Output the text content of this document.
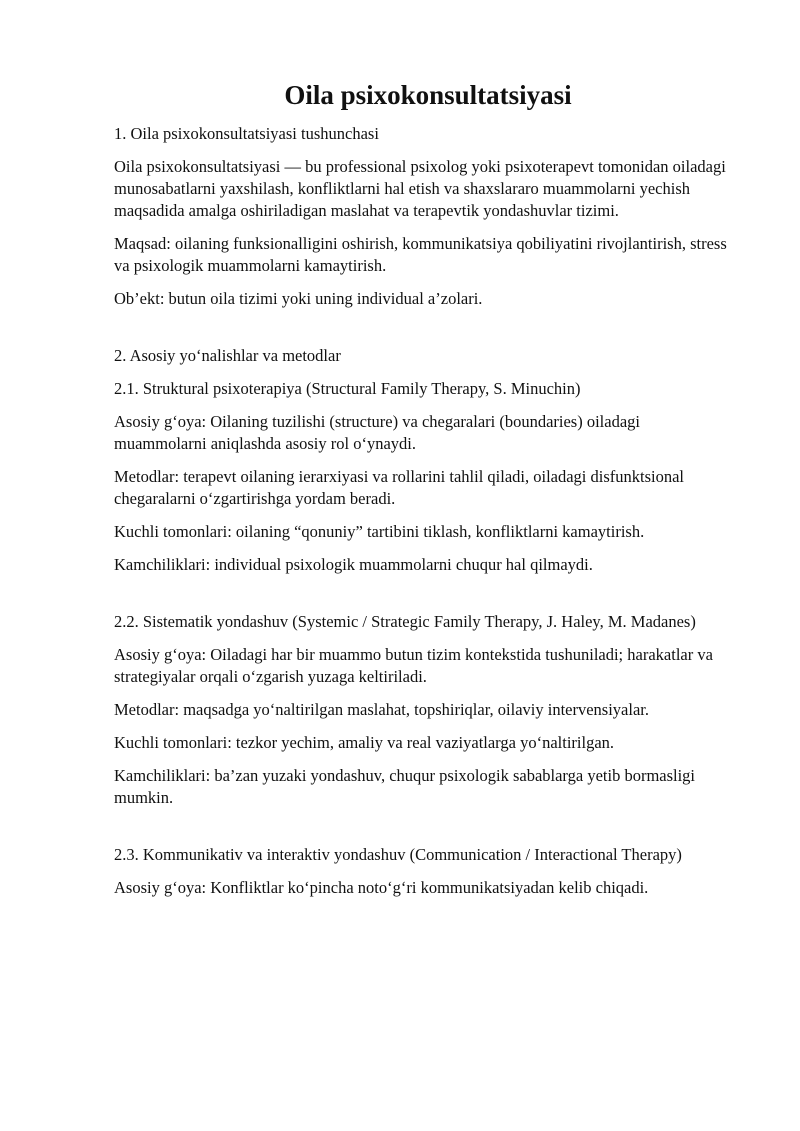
Oila psixokonsultatsiyasi

1. Oila psixokonsultatsiyasi tushunchasi

Oila psixokonsultatsiyasi — bu professional psixolog yoki psixoterapevt tomonidan oiladagi munosabatlarni yaxshilash, konfliktlarni hal etish va shaxslararo muammolarni yechish maqsadida amalga oshiriladigan maslahat va terapevtik yondashuvlar tizimi.

Maqsad: oilaning funksionalligini oshirish, kommunikatsiya qobiliyatini rivojlantirish, stress va psixologik muammolarni kamaytirish.

Ob’ekt: butun oila tizimi yoki uning individual a’zolari.

2. Asosiy yo‘nalishlar va metodlar

2.1. Struktural psixoterapiya (Structural Family Therapy, S. Minuchin)

Asosiy g‘oya: Oilaning tuzilishi (structure) va chegaralari (boundaries) oiladagi muammolarni aniqlashda asosiy rol o‘ynaydi.

Metodlar: terapevt oilaning ierarxiyasi va rollarini tahlil qiladi, oiladagi disfunktsional chegaralarni o‘zgartirishga yordam beradi.

Kuchli tomonlari: oilaning “qonuniy” tartibini tiklash, konfliktlarni kamaytirish.

Kamchiliklari: individual psixologik muammolarni chuqur hal qilmaydi.

2.2. Sistematik yondashuv (Systemic / Strategic Family Therapy, J. Haley, M. Madanes)

Asosiy g‘oya: Oiladagi har bir muammo butun tizim kontekstida tushuniladi; harakatlar va strategiyalar orqali o‘zgarish yuzaga keltiriladi.

Metodlar: maqsadga yo‘naltirilgan maslahat, topshiriqlar, oilaviy intervensiyalar.

Kuchli tomonlari: tezkor yechim, amaliy va real vaziyatlarga yo‘naltirilgan.

Kamchiliklari: ba’zan yuzaki yondashuv, chuqur psixologik sabablarga yetib bormasligi mumkin.

2.3. Kommunikativ va interaktiv yondashuv (Communication / Interactional Therapy)

Asosiy g‘oya: Konfliktlar ko‘pincha noto‘g‘ri kommunikatsiyadan kelib chiqadi.
